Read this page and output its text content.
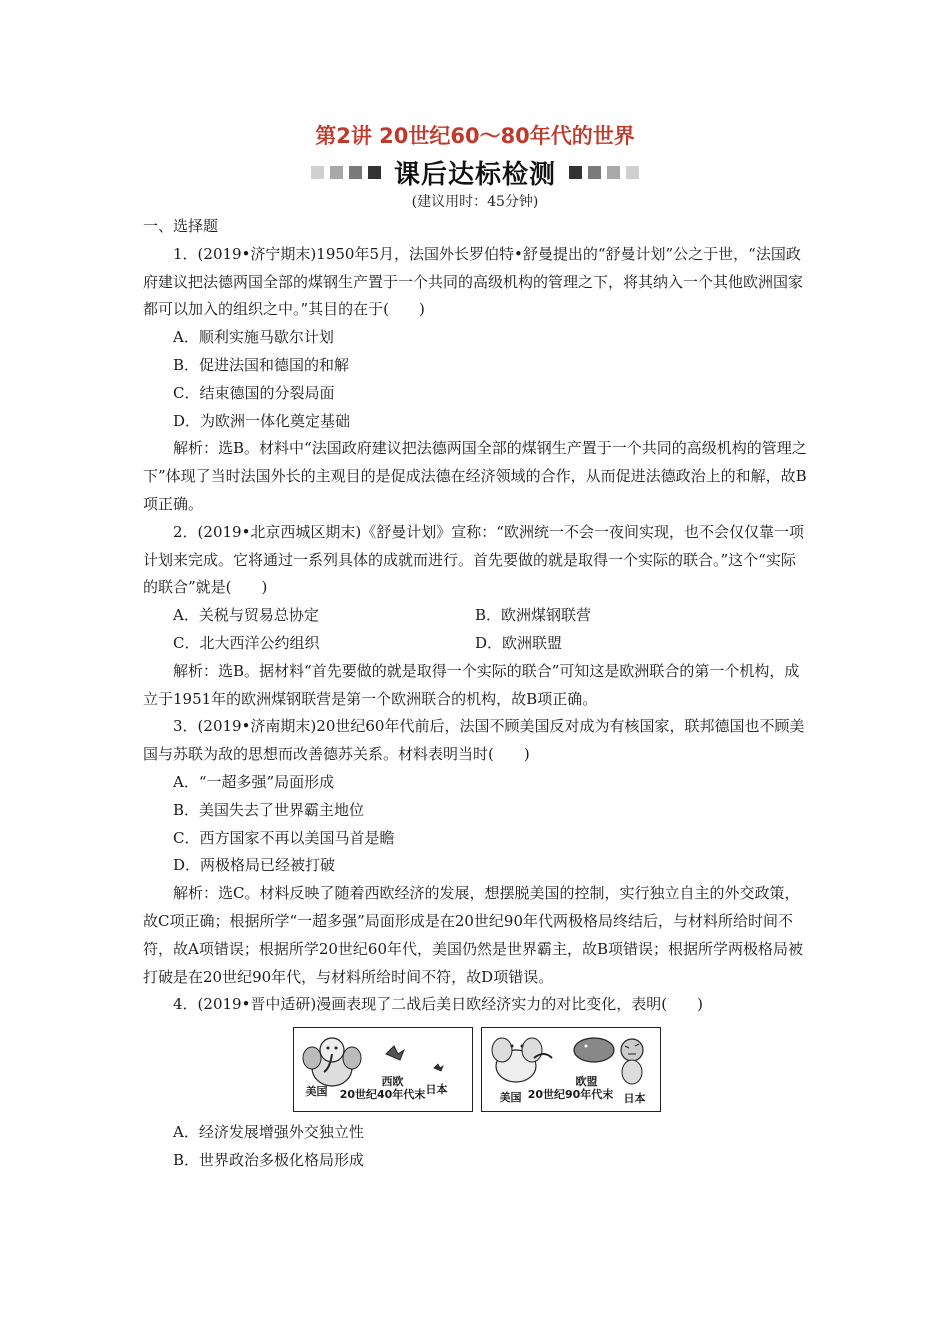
第2讲 20世纪60～80年代的世界
课后达标检测
(建议用时：45分钟)

一、选择题

1．(2019•济宁期末)1950年5月，法国外长罗伯特•舒曼提出的“舒曼计划”公之于世，“法国政府建议把法德两国全部的煤钢生产置于一个共同的高级机构的管理之下，将其纳入一个其他欧洲国家都可以加入的组织之中。”其目的在于(　　)

A．顺利实施马歇尔计划

B．促进法国和德国的和解

C．结束德国的分裂局面

D．为欧洲一体化奠定基础

解析：选B。材料中“法国政府建议把法德两国全部的煤钢生产置于一个共同的高级机构的管理之下”体现了当时法国外长的主观目的是促成法德在经济领域的合作，从而促进法德政治上的和解，故B项正确。

2．(2019•北京西城区期末)《舒曼计划》宣称：“欧洲统一不会一夜间实现，也不会仅仅靠一项计划来完成。它将通过一系列具体的成就而进行。首先要做的就是取得一个实际的联合。”这个“实际的联合”就是(　　)

A．关税与贸易总协定	B．欧洲煤钢联营
C．北大西洋公约组织	D．欧洲联盟

解析：选B。据材料“首先要做的就是取得一个实际的联合”可知这是欧洲联合的第一个机构，成立于1951年的欧洲煤钢联营是第一个欧洲联合的机构，故B项正确。

3．(2019•济南期末)20世纪60年代前后，法国不顾美国反对成为有核国家，联邦德国也不顾美国与苏联为敌的思想而改善德苏关系。材料表明当时(　　)

A．“一超多强”局面形成

B．美国失去了世界霸主地位

C．西方国家不再以美国马首是瞻

D．两极格局已经被打破

解析：选C。材料反映了随着西欧经济的发展，想摆脱美国的控制，实行独立自主的外交政策，故C项正确；根据所学“一超多强”局面形成是在20世纪90年代两极格局终结后，与材料所给时间不符，故A项错误；根据所学20世纪60年代，美国仍然是世界霸主，故B项错误；根据所学两极格局被打破是在20世纪90年代，与材料所给时间不符，故D项错误。

4．(2019•晋中适研)漫画表现了二战后美日欧经济实力的对比变化，表明(　　)

美国
西欧
日本
20世纪40年代末	美国
欧盟
日本
20世纪90年代末

A．经济发展增强外交独立性

B．世界政治多极化格局形成
